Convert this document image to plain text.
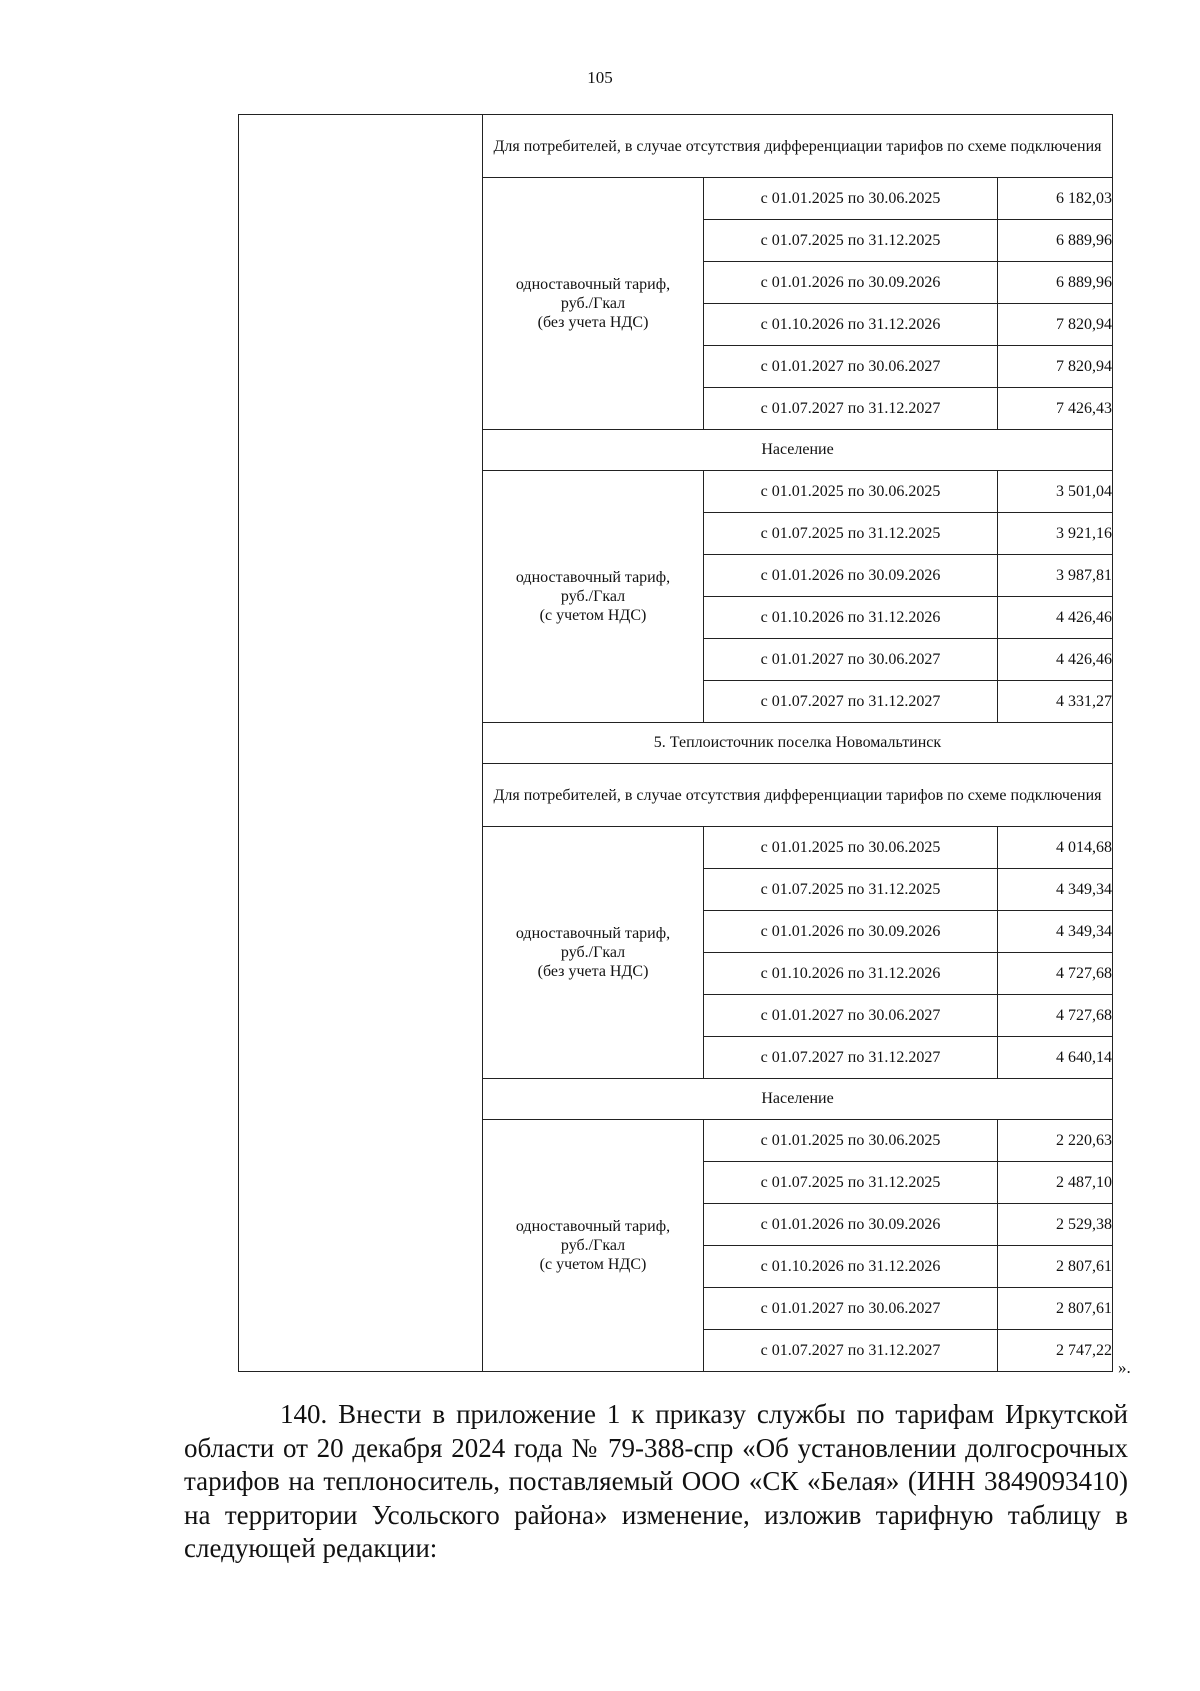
105
	Для потребителей, в случае отсутствия дифференциации тарифов по схеме подключения		

	одноставочный тариф,
руб./Гкал
(без учета НДС)	с 01.01.2025 по 30.06.2025	6 182,03
		с 01.07.2025 по 31.12.2025	6 889,96
		с 01.01.2026 по 30.09.2026	6 889,96
		с 01.10.2026 по 31.12.2026	7 820,94
		с 01.01.2027 по 30.06.2027	7 820,94
		с 01.07.2027 по 31.12.2027	7 426,43
	Население		

	одноставочный тариф,
руб./Гкал
(с учетом НДС)	с 01.01.2025 по 30.06.2025	3 501,04
		с 01.07.2025 по 31.12.2025	3 921,16
		с 01.01.2026 по 30.09.2026	3 987,81
		с 01.10.2026 по 31.12.2026	4 426,46
		с 01.01.2027 по 30.06.2027	4 426,46
		с 01.07.2027 по 31.12.2027	4 331,27
	5. Теплоисточник поселка Новомальтинск		
	Для потребителей, в случае отсутствия дифференциации тарифов по схеме подключения		

	одноставочный тариф,
руб./Гкал
(без учета НДС)	с 01.01.2025 по 30.06.2025	4 014,68
		с 01.07.2025 по 31.12.2025	4 349,34
		с 01.01.2026 по 30.09.2026	4 349,34
		с 01.10.2026 по 31.12.2026	4 727,68
		с 01.01.2027 по 30.06.2027	4 727,68
		с 01.07.2027 по 31.12.2027	4 640,14
	Население		

	одноставочный тариф,
руб./Гкал
(с учетом НДС)	с 01.01.2025 по 30.06.2025	2 220,63
		с 01.07.2025 по 31.12.2025	2 487,10
		с 01.01.2026 по 30.09.2026	2 529,38
		с 01.10.2026 по 31.12.2026	2 807,61
		с 01.01.2027 по 30.06.2027	2 807,61
		с 01.07.2027 по 31.12.2027	2 747,22
».

140. Внести в приложение 1 к приказу службы по тарифам Иркутской области от 20 декабря 2024 года № 79-388-спр «Об установлении долгосрочных тарифов на теплоноситель, поставляемый ООО «СК «Белая» (ИНН 3849093410) на территории Усольского района» изменение, изложив тарифную таблицу в следующей редакции:
